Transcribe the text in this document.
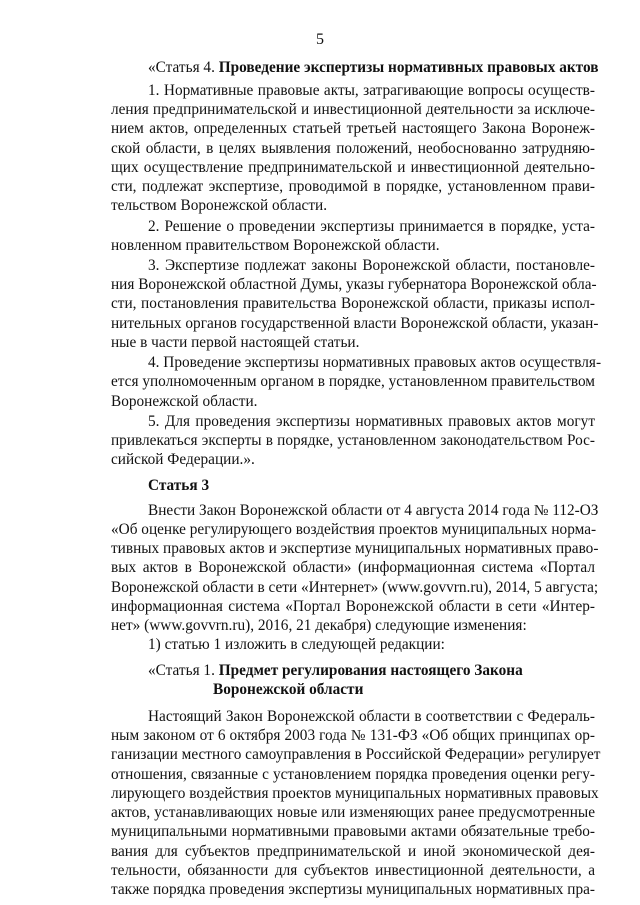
5
«Статья 4. Проведение экспертизы нормативных правовых актов
1. Нормативные правовые акты, затрагивающие вопросы осуществ-
ления предпринимательской и инвестиционной деятельности за исключе-
нием актов, определенных статьей третьей настоящего Закона Воронеж-
ской области, в целях выявления положений, необоснованно затрудняю-
щих осуществление предпринимательской и инвестиционной деятельно-
сти, подлежат экспертизе, проводимой в порядке, установленном прави-
тельством Воронежской области.
2. Решение о проведении экспертизы принимается в порядке, уста-
новленном правительством Воронежской области.
3. Экспертизе подлежат законы Воронежской области, постановле-
ния Воронежской областной Думы, указы губернатора Воронежской обла-
сти, постановления правительства Воронежской области, приказы испол-
нительных органов государственной власти Воронежской области, указан-
ные в части первой настоящей статьи.
4. Проведение экспертизы нормативных правовых актов осуществля-
ется уполномоченным органом в порядке, установленном правительством
Воронежской области.
5. Для проведения экспертизы нормативных правовых актов могут
привлекаться эксперты в порядке, установленном законодательством Рос-
сийской Федерации.».
Статья 3
Внести Закон Воронежской области от 4 августа 2014 года № 112-ОЗ
«Об оценке регулирующего воздействия проектов муниципальных норма-
тивных правовых актов и экспертизе муниципальных нормативных право-
вых актов в Воронежской области» (информационная система «Портал
Воронежской области в сети «Интернет» (www.govvrn.ru), 2014, 5 августа;
информационная система «Портал Воронежской области в сети «Интер-
нет» (www.govvrn.ru), 2016, 21 декабря) следующие изменения:
1) статью 1 изложить в следующей редакции:
«Статья 1. Предмет регулирования настоящего Закона
Воронежской области
Настоящий Закон Воронежской области в соответствии с Федераль-
ным законом от 6 октября 2003 года № 131-ФЗ «Об общих принципах ор-
ганизации местного самоуправления в Российской Федерации» регулирует
отношения, связанные с установлением порядка проведения оценки регу-
лирующего воздействия проектов муниципальных нормативных правовых
актов, устанавливающих новые или изменяющих ранее предусмотренные
муниципальными нормативными правовыми актами обязательные требо-
вания для субъектов предпринимательской и иной экономической дея-
тельности, обязанности для субъектов инвестиционной деятельности, а
также порядка проведения экспертизы муниципальных нормативных пра-
